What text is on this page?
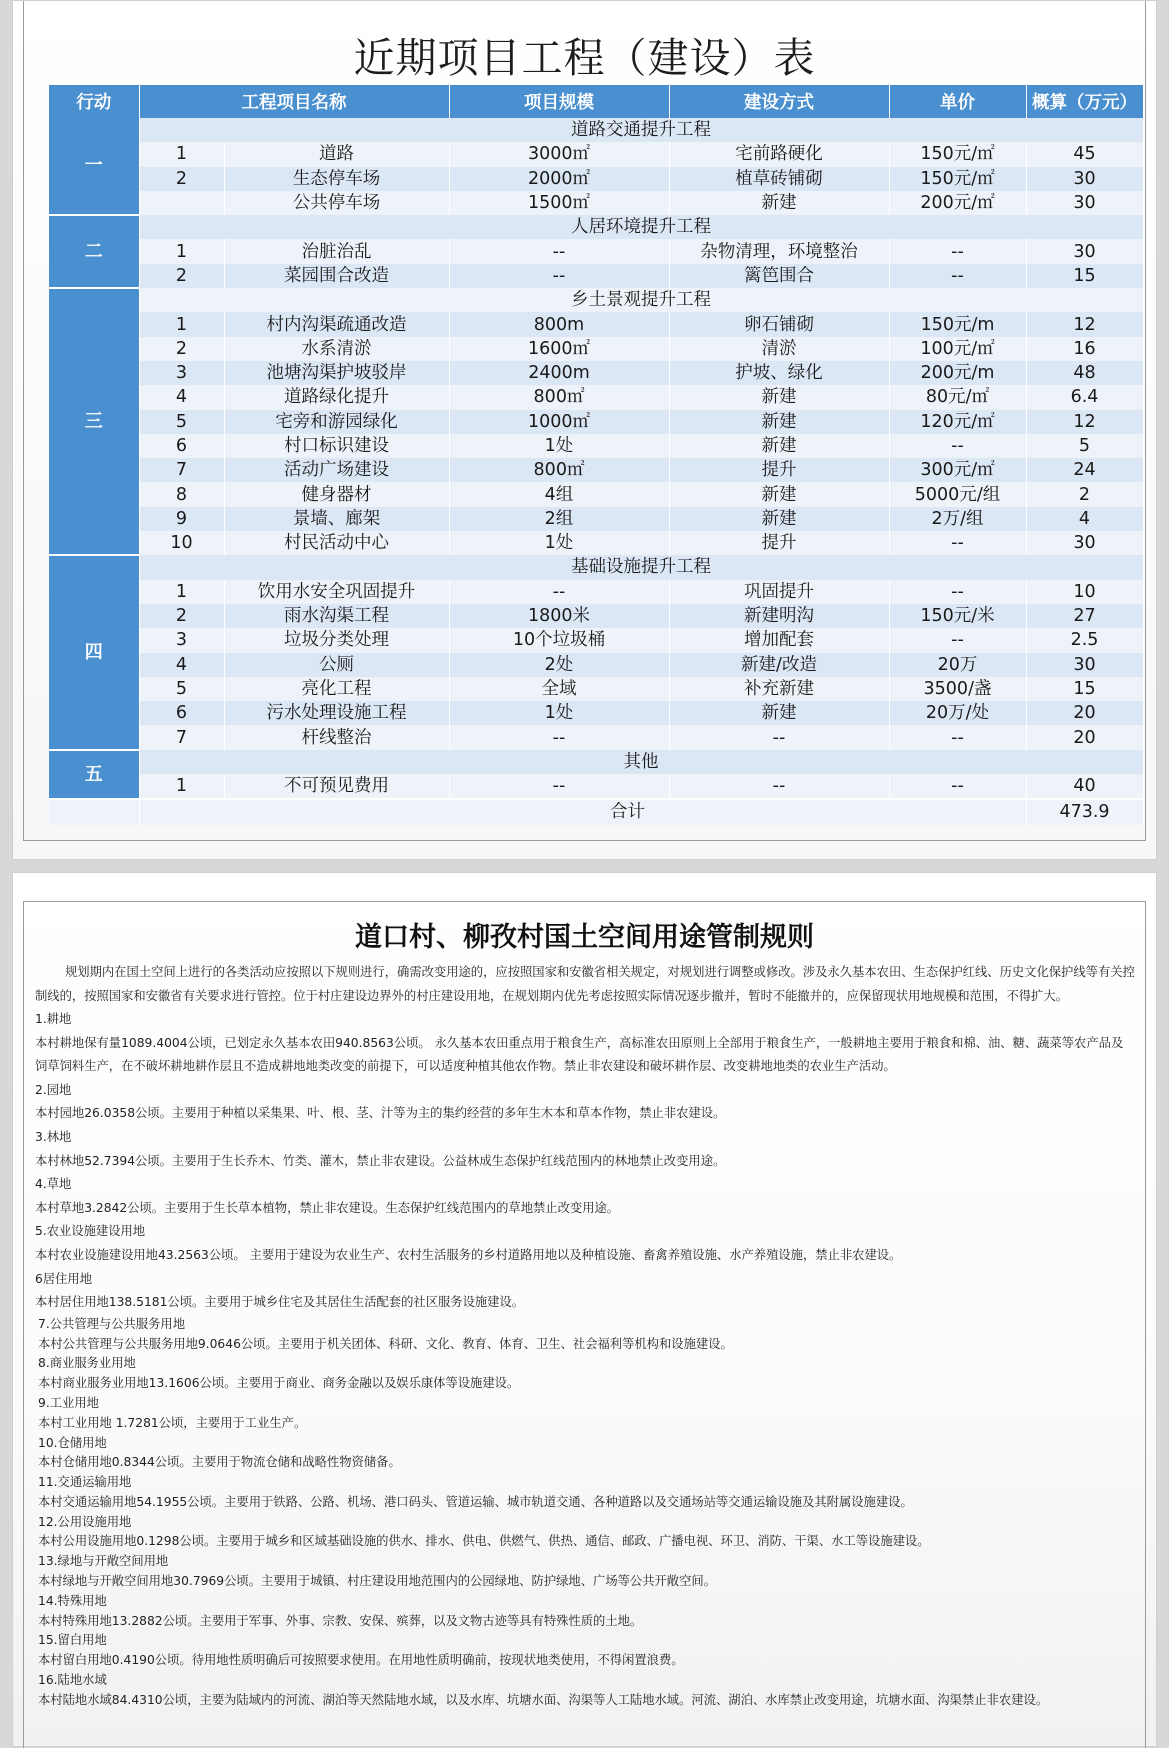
近期项目工程（建设）表
行动	工程项目名称		项目规模	建设方式	单价	概算（万元）
一	道路交通提升工程					
	1	道路	3000㎡	宅前路硬化	150元/㎡	45
	2	生态停车场	2000㎡	植草砖铺砌	150元/㎡	30
		公共停车场	1500㎡	新建	200元/㎡	30
二	人居环境提升工程					
	1	治脏治乱	--	杂物清理，环境整治	--	30
	2	菜园围合改造	--	篱笆围合	--	15
三	乡土景观提升工程					
	1	村内沟渠疏通改造	800m	卵石铺砌	150元/m	12
	2	水系清淤	1600㎡	清淤	100元/㎡	16
	3	池塘沟渠护坡驳岸	2400m	护坡、绿化	200元/m	48
	4	道路绿化提升	800㎡	新建	80元/㎡	6.4
	5	宅旁和游园绿化	1000㎡	新建	120元/㎡	12
	6	村口标识建设	1处	新建	--	5
	7	活动广场建设	800㎡	提升	300元/㎡	24
	8	健身器材	4组	新建	5000元/组	2
	9	景墙、廊架	2组	新建	2万/组	4
	10	村民活动中心	1处	提升	--	30
四	基础设施提升工程					
	1	饮用水安全巩固提升	--	巩固提升	--	10
	2	雨水沟渠工程	1800米	新建明沟	150元/米	27
	3	垃圾分类处理	10个垃圾桶	增加配套	--	2.5
	4	公厕	2处	新建/改造	20万	30
	5	亮化工程	全域	补充新建	3500/盏	15
	6	污水处理设施工程	1处	新建	20万/处	20
	7	杆线整治	--	--	--	20
五	其他					
	1	不可预见费用	--	--	--	40
	合计					473.9
道口村、柳孜村国土空间用途管制规则

规划期内在国土空间上进行的各类活动应按照以下规则进行，确需改变用途的，应按照国家和安徽省相关规定，对规划进行调整或修改。涉及永久基本农田、生态保护红线、历史文化保护线等有关控制线的，按照国家和安徽省有关要求进行管控。位于村庄建设边界外的村庄建设用地，在规划期内优先考虑按照实际情况逐步撤并，暂时不能撤并的，应保留现状用地规模和范围，不得扩大。

1.耕地

本村耕地保有量1089.4004公顷，已划定永久基本农田940.8563公顷。 永久基本农田重点用于粮食生产，高标准农田原则上全部用于粮食生产，一般耕地主要用于粮食和棉、油、糖、蔬菜等农产品及饲草饲料生产，在不破坏耕地耕作层且不造成耕地地类改变的前提下，可以适度种植其他农作物。禁止非农建设和破坏耕作层、改变耕地地类的农业生产活动。

2.园地

本村园地26.0358公顷。主要用于种植以采集果、叶、根、茎、汁等为主的集约经营的多年生木本和草本作物，禁止非农建设。

3.林地

本村林地52.7394公顷。主要用于生长乔木、竹类、灌木，禁止非农建设。公益林成生态保护红线范围内的林地禁止改变用途。

4.草地

本村草地3.2842公顷。主要用于生长草本植物，禁止非农建设。生态保护红线范围内的草地禁止改变用途。

5.农业设施建设用地

本村农业设施建设用地43.2563公顷。 主要用于建设为农业生产、农村生活服务的乡村道路用地以及种植设施、畜禽养殖设施、水产养殖设施，禁止非农建设。

6居住用地

本村居住用地138.5181公顷。主要用于城乡住宅及其居住生活配套的社区服务设施建设。

7.公共管理与公共服务用地

本村公共管理与公共服务用地9.0646公顷。主要用于机关团体、科研、文化、教育、体育、卫生、社会福利等机构和设施建设。

8.商业服务业用地

本村商业服务业用地13.1606公顷。主要用于商业、商务金融以及娱乐康体等设施建设。

9.工业用地

本村工业用地 1.7281公顷，主要用于工业生产。

10.仓储用地

本村仓储用地0.8344公顷。主要用于物流仓储和战略性物资储备。

11.交通运输用地

本村交通运输用地54.1955公顷。主要用于铁路、公路、机场、港口码头、管道运输、城市轨道交通、各种道路以及交通场站等交通运输设施及其附属设施建设。

12.公用设施用地

本村公用设施用地0.1298公顷。主要用于城乡和区域基础设施的供水、排水、供电、供燃气、供热、通信、邮政、广播电视、环卫、消防、干渠、水工等设施建设。

13.绿地与开敞空间用地

本村绿地与开敞空间用地30.7969公顷。主要用于城镇、村庄建设用地范围内的公园绿地、防护绿地、广场等公共开敞空间。

14.特殊用地

本村特殊用地13.2882公顷。主要用于军事、外事、宗教、安保、殡葬，以及文物古迹等具有特殊性质的土地。

15.留白用地

本村留白用地0.4190公顷。待用地性质明确后可按照要求使用。在用地性质明确前，按现状地类使用，不得闲置浪费。

16.陆地水域

本村陆地水域84.4310公顷，主要为陆域内的河流、湖泊等天然陆地水域，以及水库、坑塘水面、沟渠等人工陆地水域。河流、湖泊、水库禁止改变用途，坑塘水面、沟渠禁止非农建设。
